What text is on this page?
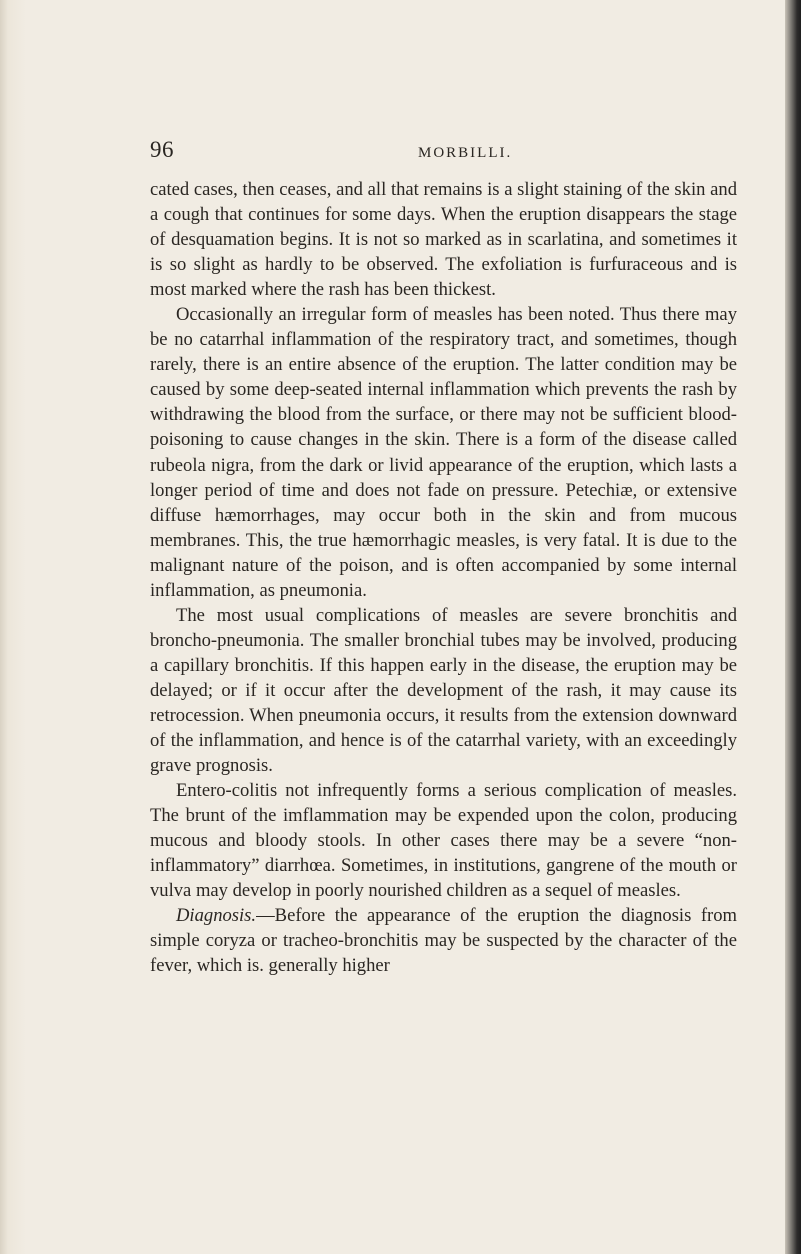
96	MORBILLI.

cated cases, then ceases, and all that remains is a slight staining of the skin and a cough that continues for some days. When the eruption disappears the stage of desquamation begins. It is not so marked as in scarlatina, and sometimes it is so slight as hardly to be observed. The exfoliation is furfuraceous and is most marked where the rash has been thickest.

Occasionally an irregular form of measles has been noted. Thus there may be no catarrhal inflammation of the respiratory tract, and sometimes, though rarely, there is an entire absence of the eruption. The latter condition may be caused by some deep-seated internal inflammation which prevents the rash by withdrawing the blood from the surface, or there may not be sufficient blood-poisoning to cause changes in the skin. There is a form of the disease called rubeola nigra, from the dark or livid appearance of the eruption, which lasts a longer period of time and does not fade on pressure. Petechiæ, or extensive diffuse hæmorrhages, may occur both in the skin and from mucous membranes. This, the true hæmorrhagic measles, is very fatal. It is due to the malignant nature of the poison, and is often accompanied by some internal inflammation, as pneumonia.

The most usual complications of measles are severe bronchitis and broncho-pneumonia. The smaller bronchial tubes may be involved, producing a capillary bronchitis. If this happen early in the disease, the eruption may be delayed; or if it occur after the development of the rash, it may cause its retrocession. When pneumonia occurs, it results from the extension downward of the inflammation, and hence is of the catarrhal variety, with an exceedingly grave prognosis.

Entero-colitis not infrequently forms a serious complication of measles. The brunt of the imflammation may be expended upon the colon, producing mucous and bloody stools. In other cases there may be a severe “non-inflammatory” diarrhœa. Sometimes, in institutions, gangrene of the mouth or vulva may develop in poorly nourished children as a sequel of measles.

Diagnosis.—Before the appearance of the eruption the diagnosis from simple coryza or tracheo-bronchitis may be suspected by the character of the fever, which is. generally higher
